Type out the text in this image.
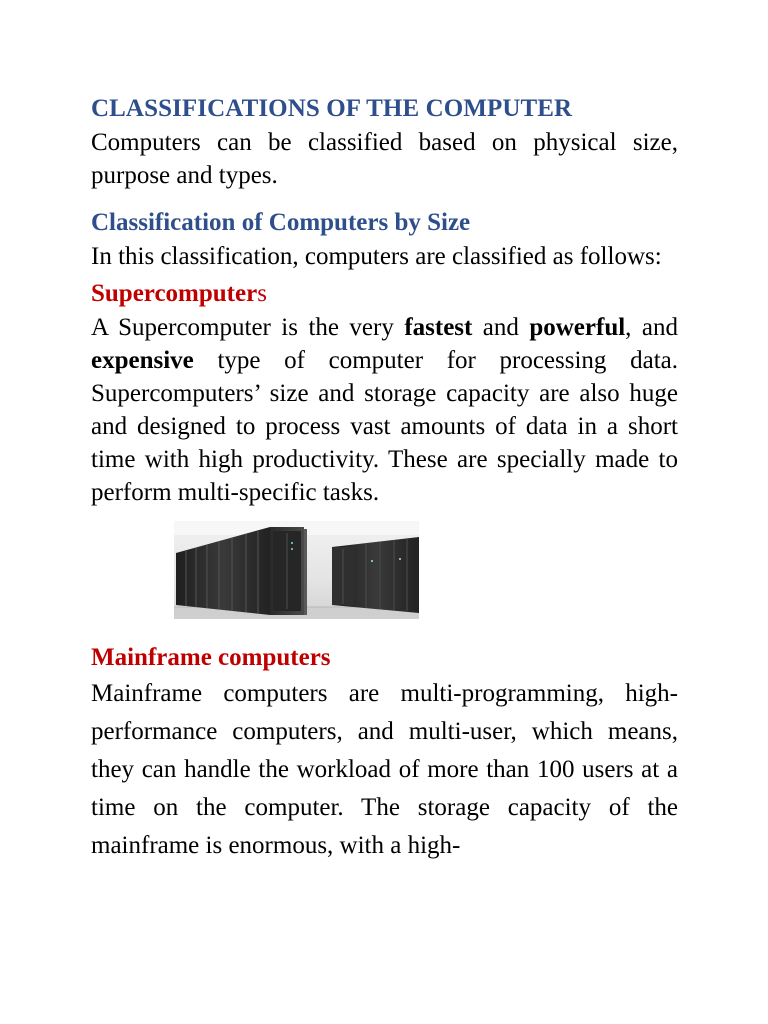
CLASSIFICATIONS OF THE COMPUTER

Computers can be classified based on physical size, purpose and types.

Classification of Computers by Size

In this classification, computers are classified as follows:

Supercomputers

A Supercomputer is the very fastest and powerful, and expensive type of computer for processing data. Supercomputers’ size and storage capacity are also huge and designed to process vast amounts of data in a short time with high productivity. These are specially made to perform multi-specific tasks.

Mainframe computers

Mainframe computers are multi-programming, high-performance computers, and multi-user, which means, they can handle the workload of more than 100 users at a time on the computer. The storage capacity of the mainframe is enormous, with a high-
